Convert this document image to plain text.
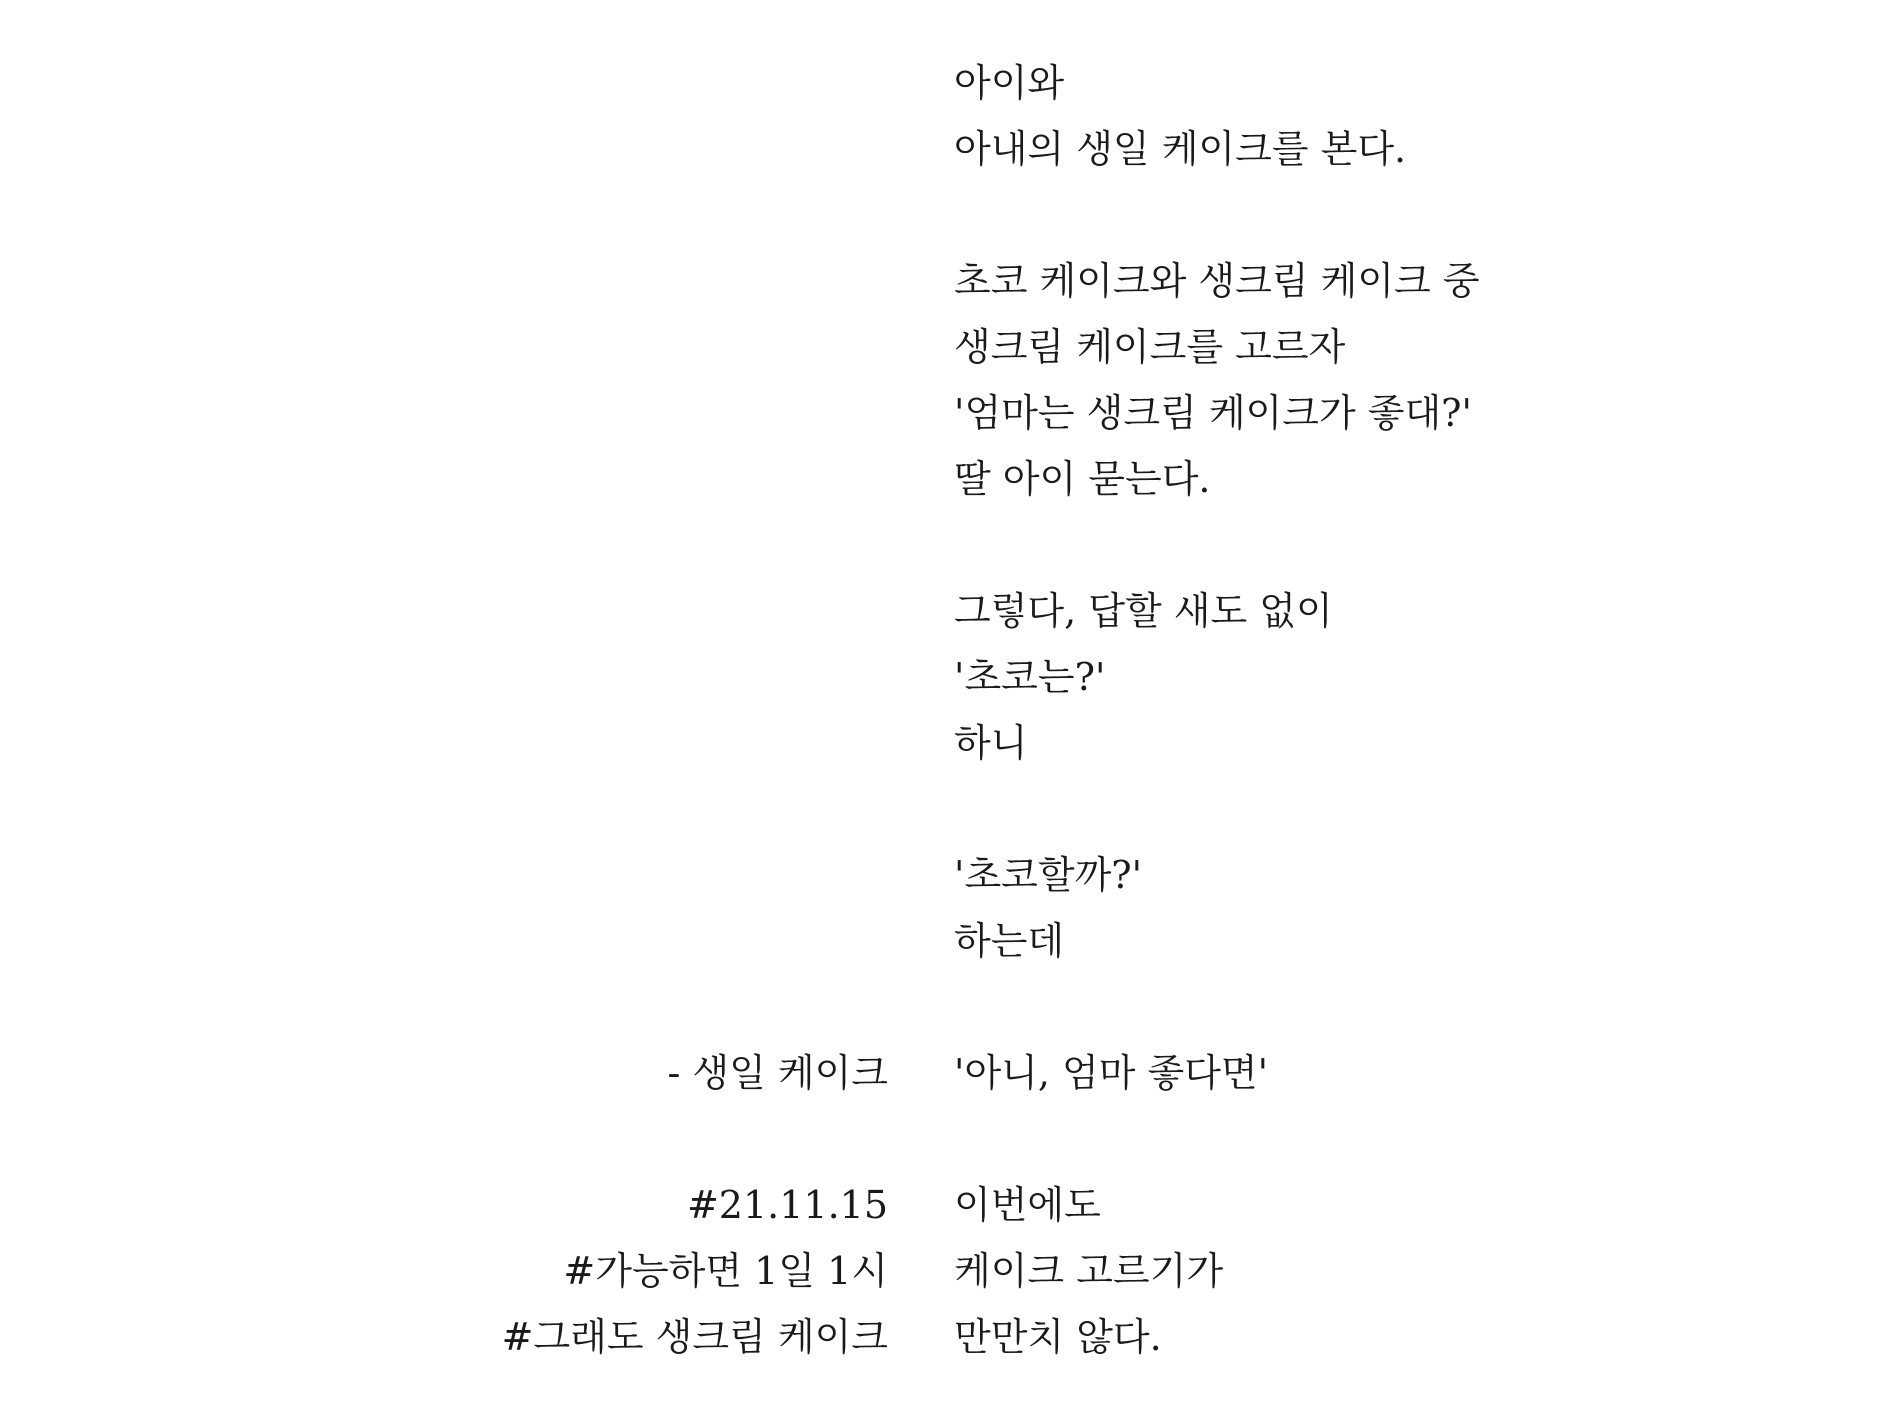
아이와
아내의 생일 케이크를 본다.
초코 케이크와 생크림 케이크 중
생크림 케이크를 고르자
'엄마는 생크림 케이크가 좋대?'
딸 아이 묻는다.
그렇다, 답할 새도 없이
'초코는?'
하니
'초코할까?'
하는데
'아니, 엄마 좋다면'
이번에도
케이크 고르기가
만만치 않다.
- 생일 케이크
#21.11.15
#가능하면 1일 1시
#그래도 생크림 케이크
